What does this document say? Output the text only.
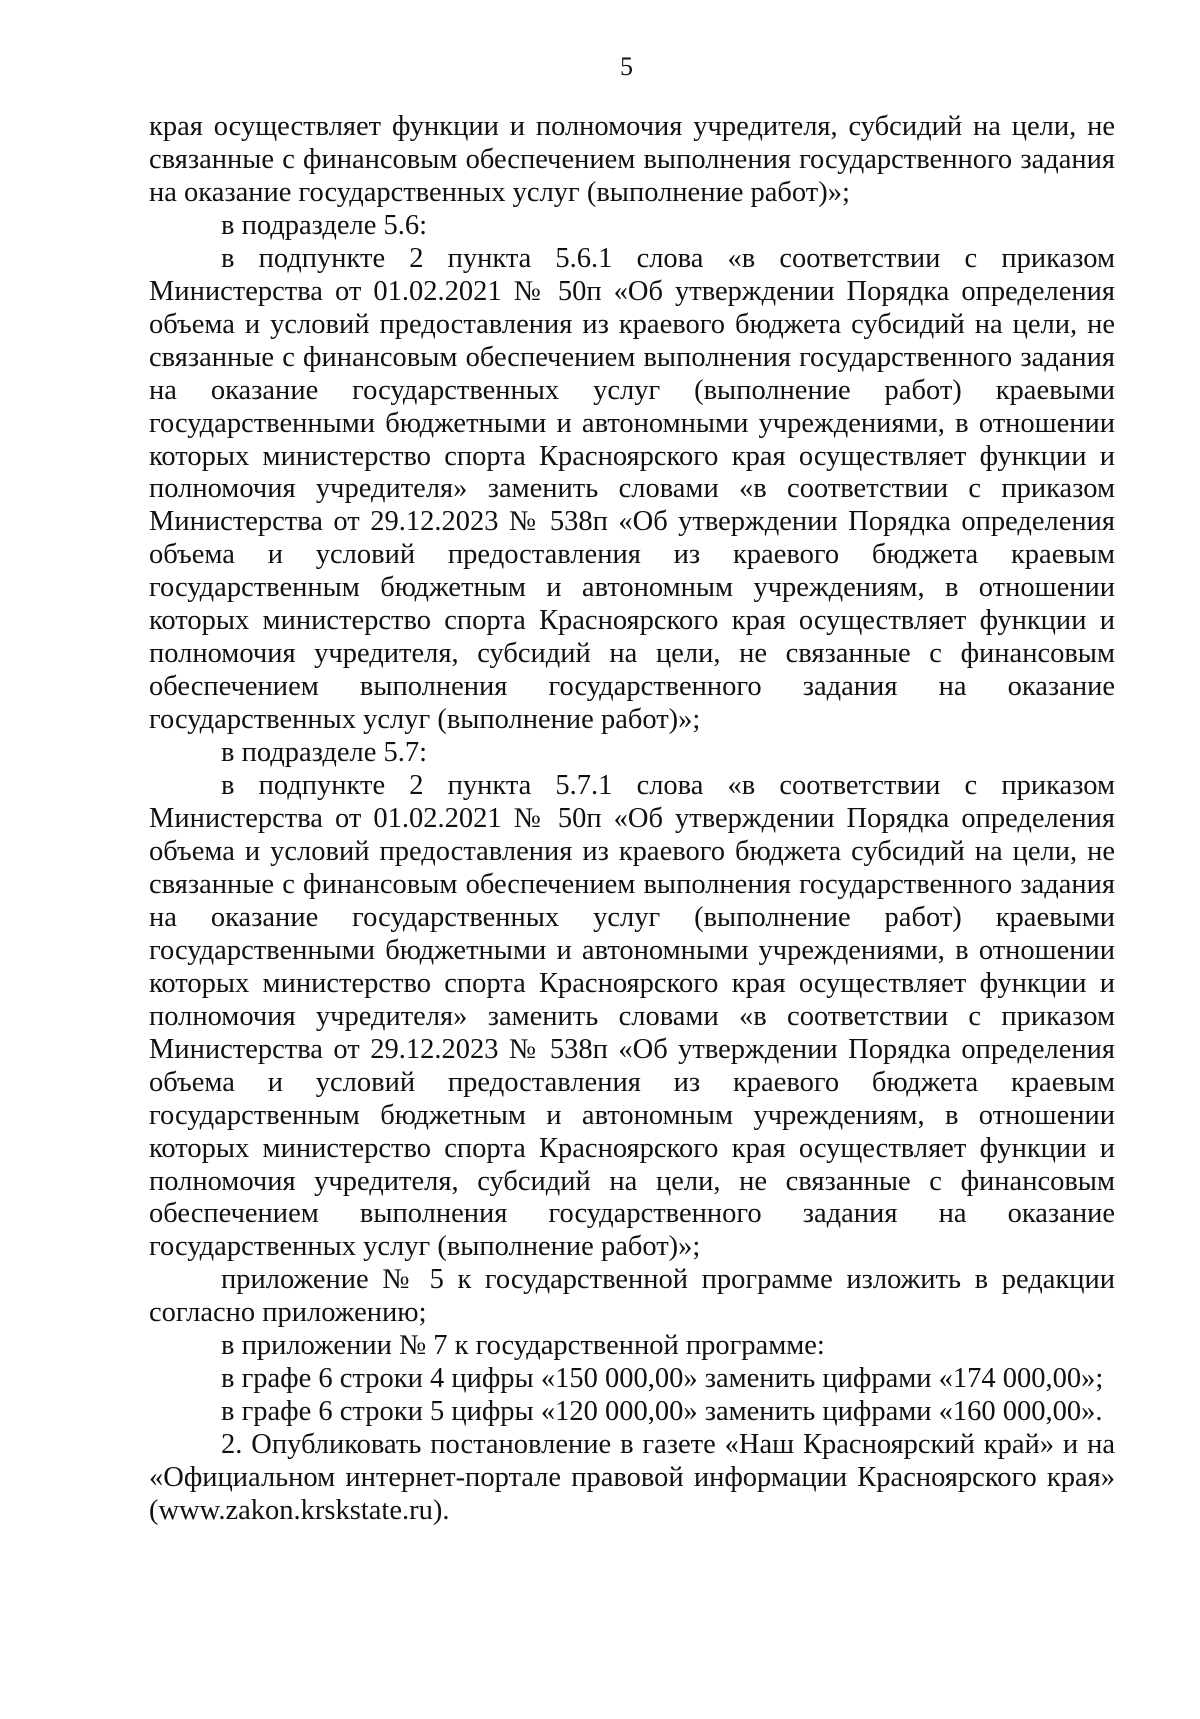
5

края осуществляет функции и полномочия учредителя, субсидий на цели, не связанные с финансовым обеспечением выполнения государственного задания на оказание государственных услуг (выполнение работ)»;

в подразделе 5.6:

в подпункте 2 пункта 5.6.1 слова «в соответствии с приказом Министерства от 01.02.2021 № 50п «Об утверждении Порядка определения объема и условий предоставления из краевого бюджета субсидий на цели, не связанные с финансовым обеспечением выполнения государственного задания на оказание государственных услуг (выполнение работ) краевыми государственными бюджетными и автономными учреждениями, в отношении которых министерство спорта Красноярского края осуществляет функции и полномочия учредителя» заменить словами «в соответствии с приказом Министерства от 29.12.2023 № 538п «Об утверждении Порядка определения объема и условий предоставления из краевого бюджета краевым государственным бюджетным и автономным учреждениям, в отношении которых министерство спорта Красноярского края осуществляет функции и полномочия учредителя, субсидий на цели, не связанные с финансовым обеспечением выполнения государственного задания на оказание государственных услуг (выполнение работ)»;

в подразделе 5.7:

в подпункте 2 пункта 5.7.1 слова «в соответствии с приказом Министерства от 01.02.2021 № 50п «Об утверждении Порядка определения объема и условий предоставления из краевого бюджета субсидий на цели, не связанные с финансовым обеспечением выполнения государственного задания на оказание государственных услуг (выполнение работ) краевыми государственными бюджетными и автономными учреждениями, в отношении которых министерство спорта Красноярского края осуществляет функции и полномочия учредителя» заменить словами «в соответствии с приказом Министерства от 29.12.2023 № 538п «Об утверждении Порядка определения объема и условий предоставления из краевого бюджета краевым государственным бюджетным и автономным учреждениям, в отношении которых министерство спорта Красноярского края осуществляет функции и полномочия учредителя, субсидий на цели, не связанные с финансовым обеспечением выполнения государственного задания на оказание государственных услуг (выполнение работ)»;

приложение № 5 к государственной программе изложить в редакции согласно приложению;

в приложении № 7 к государственной программе:

в графе 6 строки 4 цифры «150 000,00» заменить цифрами «174 000,00»;

в графе 6 строки 5 цифры «120 000,00» заменить цифрами «160 000,00».

2. Опубликовать постановление в газете «Наш Красноярский край» и на «Официальном интернет-портале правовой информации Красноярского края» (www.zakon.krskstate.ru).
